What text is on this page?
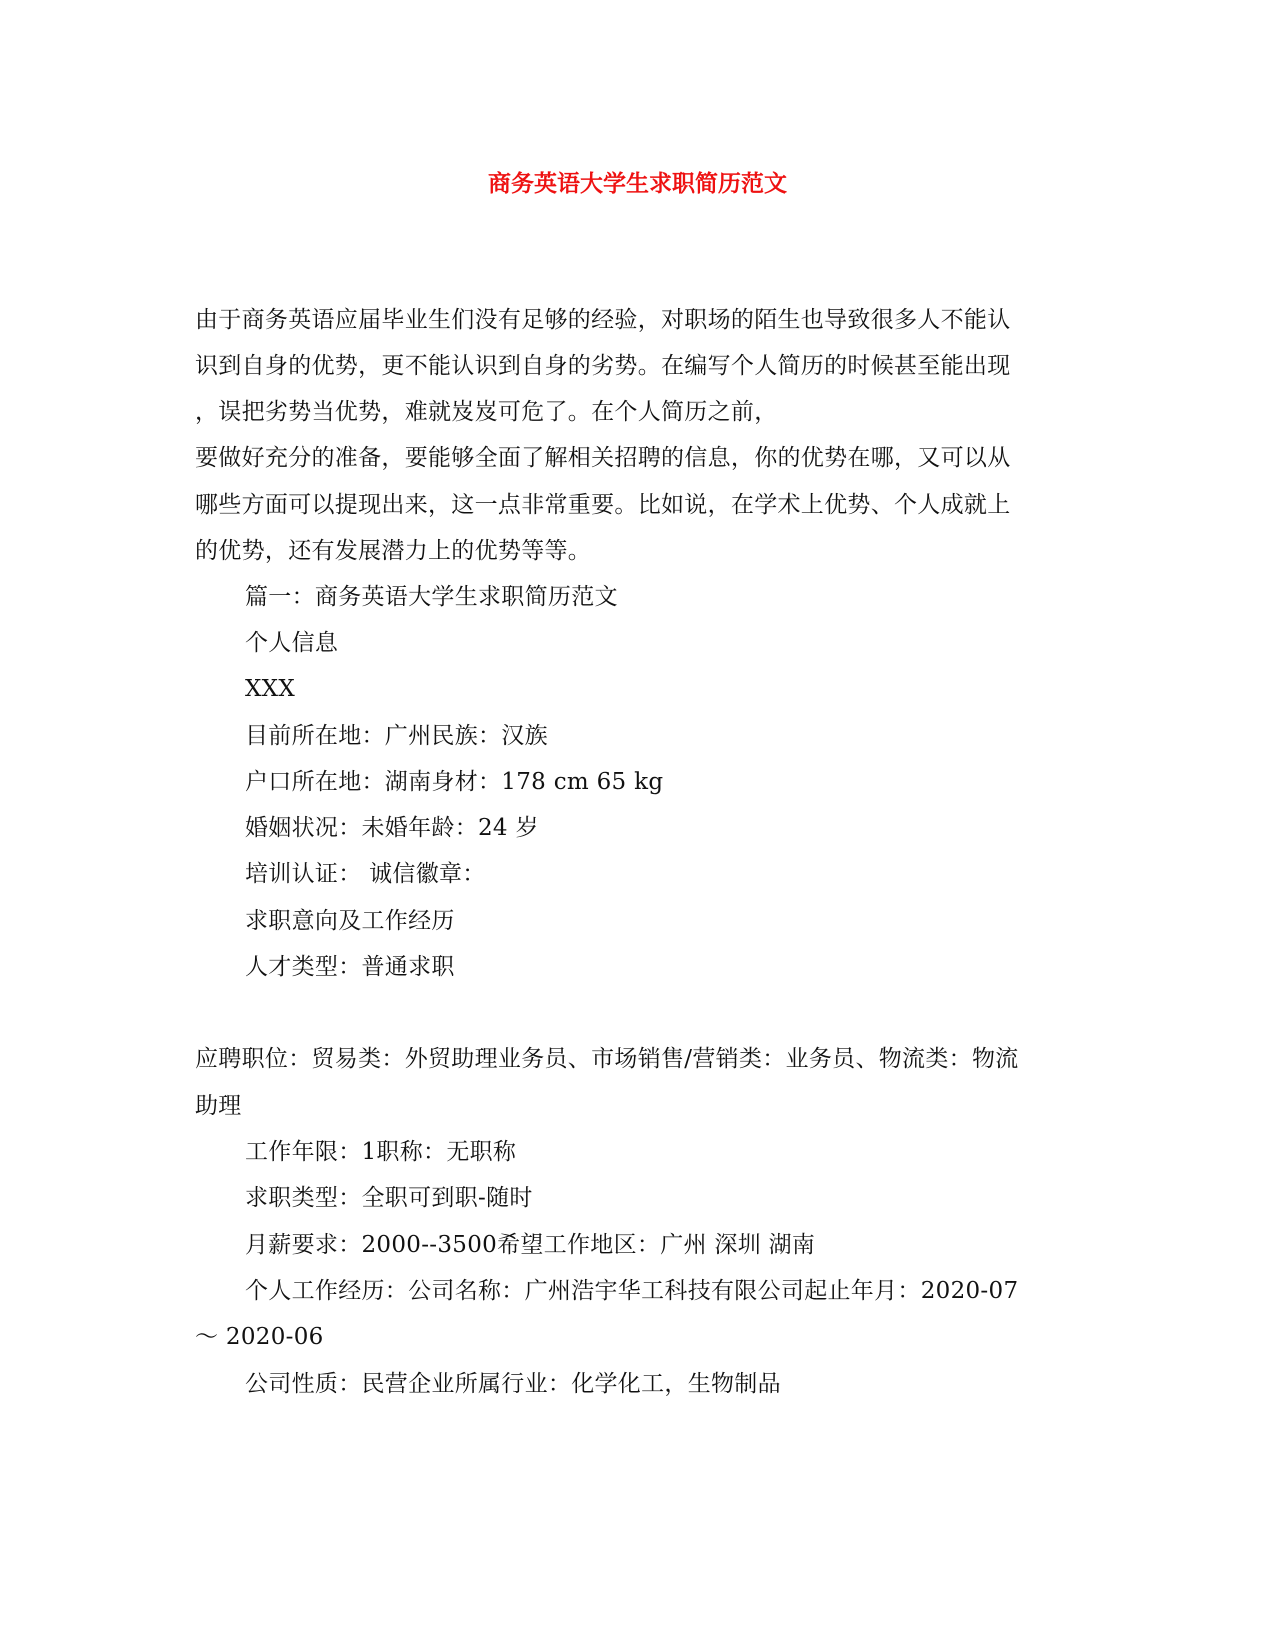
商务英语大学生求职简历范文
由于商务英语应届毕业生们没有足够的经验，对职场的陌生也导致很多人不能认
识到自身的优势，更不能认识到自身的劣势。在编写个人简历的时候甚至能出现
，误把劣势当优势，难就岌岌可危了。在个人简历之前，
要做好充分的准备，要能够全面了解相关招聘的信息，你的优势在哪，又可以从
哪些方面可以提现出来，这一点非常重要。比如说，在学术上优势、个人成就上
的优势，还有发展潜力上的优势等等。
篇一：商务英语大学生求职简历范文
个人信息
XXX
目前所在地：广州民族：汉族
户口所在地：湖南身材：178 cm 65 kg
婚姻状况：未婚年龄：24 岁
培训认证： 诚信徽章：
求职意向及工作经历
人才类型：普通求职
应聘职位：贸易类：外贸助理业务员、市场销售/营销类：业务员、物流类：物流
助理
工作年限：1职称：无职称
求职类型：全职可到职-随时
月薪要求：2000--3500希望工作地区：广州 深圳 湖南
个人工作经历：公司名称：广州浩宇华工科技有限公司起止年月：2020-07
～ 2020-06
公司性质：民营企业所属行业：化学化工，生物制品
